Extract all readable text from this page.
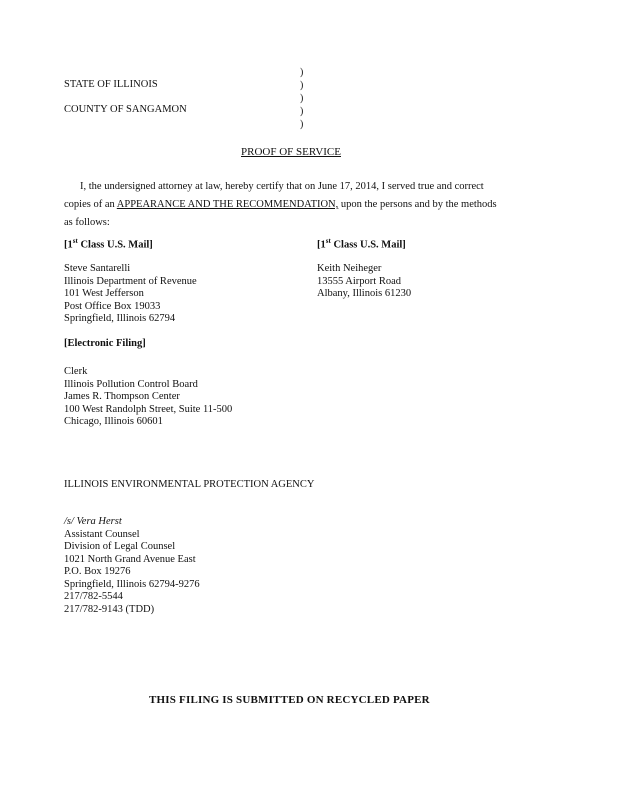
STATE OF ILLINOIS
COUNTY OF SANGAMON
)
)
)
)
)
PROOF OF SERVICE
I, the undersigned attorney at law, hereby certify that on June 17, 2014, I served true and correct
copies of an APPEARANCE AND THE RECOMMENDATION, upon the persons and by the methods
as follows:
[1st Class U.S. Mail]
Steve Santarelli
Illinois Department of Revenue
101 West Jefferson
Post Office Box 19033
Springfield, Illinois 62794
[1st Class U.S. Mail]
Keith Neiheger
13555 Airport Road
Albany, Illinois 61230
[Electronic Filing]
Clerk
Illinois Pollution Control Board
James R. Thompson Center
100 West Randolph Street, Suite 11-500
Chicago, Illinois 60601
ILLINOIS ENVIRONMENTAL PROTECTION AGENCY
/s/ Vera Herst
Assistant Counsel
Division of Legal Counsel
1021 North Grand Avenue East
P.O. Box 19276
Springfield, Illinois 62794-9276
217/782-5544
217/782-9143 (TDD)
THIS FILING IS SUBMITTED ON RECYCLED PAPER
